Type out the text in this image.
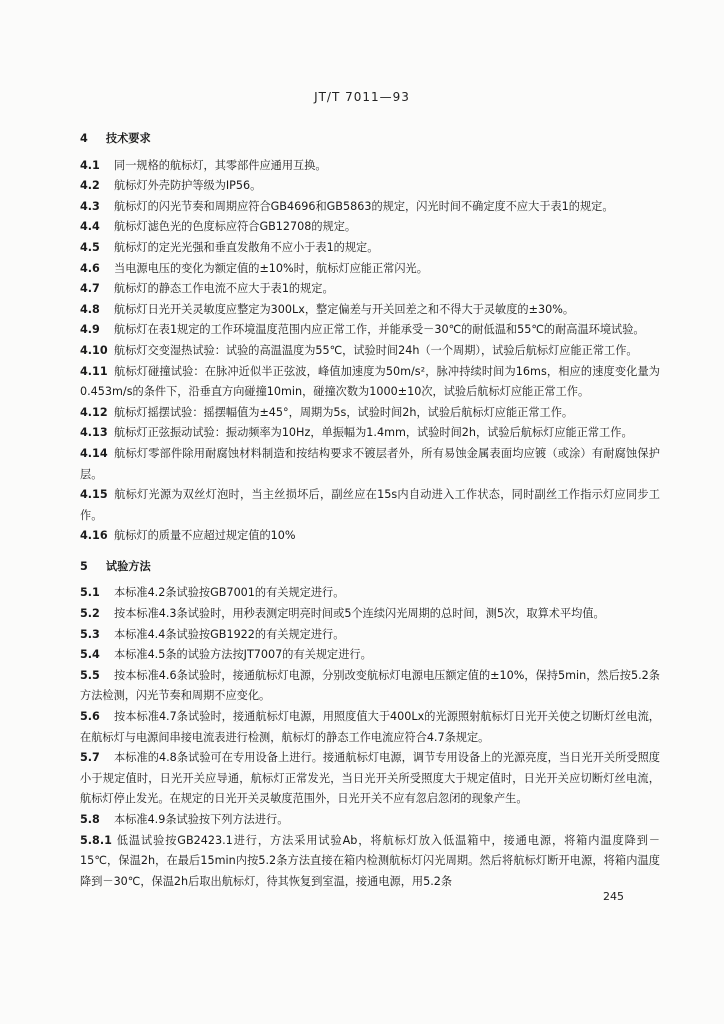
JT/T 7011—93
4 技术要求

4.1 同一规格的航标灯，其零部件应通用互换。

4.2 航标灯外壳防护等级为IP56。

4.3 航标灯的闪光节奏和周期应符合GB4696和GB5863的规定，闪光时间不确定度不应大于表1的规定。

4.4 航标灯滤色光的色度标应符合GB12708的规定。

4.5 航标灯的定光光强和垂直发散角不应小于表1的规定。

4.6 当电源电压的变化为额定值的±10%时，航标灯应能正常闪光。

4.7 航标灯的静态工作电流不应大于表1的规定。

4.8 航标灯日光开关灵敏度应整定为300Lx，整定偏差与开关回差之和不得大于灵敏度的±30%。

4.9 航标灯在表1规定的工作环境温度范围内应正常工作，并能承受－30℃的耐低温和55℃的耐高温环境试验。

4.10 航标灯交变湿热试验：试验的高温温度为55℃，试验时间24h（一个周期），试验后航标灯应能正常工作。

4.11 航标灯碰撞试验：在脉冲近似半正弦波，峰值加速度为50m/s²，脉冲持续时间为16ms，相应的速度变化量为0.453m/s的条件下，沿垂直方向碰撞10min，碰撞次数为1000±10次，试验后航标灯应能正常工作。

4.12 航标灯摇摆试验：摇摆幅值为±45°，周期为5s，试验时间2h，试验后航标灯应能正常工作。

4.13 航标灯正弦振动试验：振动频率为10Hz，单振幅为1.4mm，试验时间2h，试验后航标灯应能正常工作。

4.14 航标灯零部件除用耐腐蚀材料制造和按结构要求不镀层者外，所有易蚀金属表面均应镀（或涂）有耐腐蚀保护层。

4.15 航标灯光源为双丝灯泡时，当主丝损坏后，副丝应在15s内自动进入工作状态，同时副丝工作指示灯应同步工作。

4.16 航标灯的质量不应超过规定值的10%

5 试验方法

5.1 本标准4.2条试验按GB7001的有关规定进行。

5.2 按本标准4.3条试验时，用秒表测定明亮时间或5个连续闪光周期的总时间，测5次，取算术平均值。

5.3 本标准4.4条试验按GB1922的有关规定进行。

5.4 本标准4.5条的试验方法按JT7007的有关规定进行。

5.5 按本标准4.6条试验时，接通航标灯电源，分别改变航标灯电源电压额定值的±10%，保持5min，然后按5.2条方法检测，闪光节奏和周期不应变化。

5.6 按本标准4.7条试验时，接通航标灯电源，用照度值大于400Lx的光源照射航标灯日光开关使之切断灯丝电流，在航标灯与电源间串接电流表进行检测，航标灯的静态工作电流应符合4.7条规定。

5.7 本标准的4.8条试验可在专用设备上进行。接通航标灯电源，调节专用设备上的光源亮度，当日光开关所受照度小于规定值时，日光开关应导通，航标灯正常发光，当日光开关所受照度大于规定值时，日光开关应切断灯丝电流，航标灯停止发光。在规定的日光开关灵敏度范围外，日光开关不应有忽启忽闭的现象产生。

5.8 本标准4.9条试验按下列方法进行。

5.8.1 低温试验按GB2423.1进行，方法采用试验Ab，将航标灯放入低温箱中，接通电源，将箱内温度降到－15℃，保温2h，在最后15min内按5.2条方法直接在箱内检测航标灯闪光周期。然后将航标灯断开电源，将箱内温度降到－30℃，保温2h后取出航标灯，待其恢复到室温，接通电源，用5.2条

245
